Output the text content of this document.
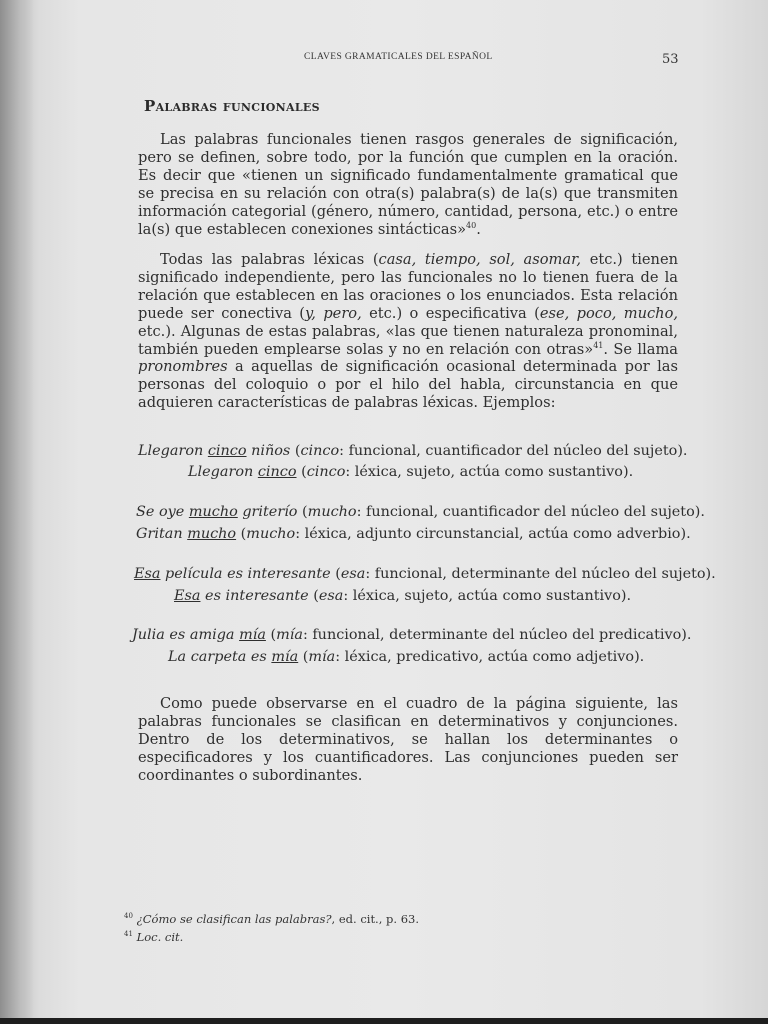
CLAVES GRAMATICALES DEL ESPAÑOL	53
Palabras funcionales

Las palabras funcionales tienen rasgos generales de significación, pero se definen, sobre todo, por la función que cumplen en la oración. Es decir que «tienen un significado fundamentalmente gramatical que se precisa en su relación con otra(s) palabra(s) de la(s) que transmiten información categorial (género, número, cantidad, persona, etc.) o entre la(s) que establecen conexiones sintácticas»$^{40}$.

Todas las palabras léxicas (casa, tiempo, sol, asomar, etc.) tienen significado independiente, pero las funcionales no lo tienen fuera de la relación que establecen en las oraciones o los enunciados. Esta relación puede ser conectiva (y, pero, etc.) o especificativa (ese, poco, mucho, etc.). Algunas de estas palabras, «las que tienen naturaleza pronominal, también pueden emplearse solas y no en relación con otras»$^{41}$. Se llama pronombres a aquellas de significación ocasional determinada por las personas del coloquio o por el hilo del habla, circunstancia en que adquieren características de palabras léxicas. Ejemplos:

Llegaron cinco niños (cinco: funcional, cuantificador del núcleo del sujeto).
Llegaron cinco (cinco: léxica, sujeto, actúa como sustantivo).
Se oye mucho griterío (mucho: funcional, cuantificador del núcleo del sujeto).
Gritan mucho (mucho: léxica, adjunto circunstancial, actúa como adverbio).
Esa película es interesante (esa: funcional, determinante del núcleo del sujeto).
Esa es interesante (esa: léxica, sujeto, actúa como sustantivo).
Julia es amiga mía (mía: funcional, determinante del núcleo del predicativo).
La carpeta es mía (mía: léxica, predicativo, actúa como adjetivo).

Como puede observarse en el cuadro de la página siguiente, las palabras funcionales se clasifican en determinativos y conjunciones. Dentro de los determinativos, se hallan los determinantes o especificadores y los cuantificadores. Las conjunciones pueden ser coordinantes o subordinantes.

$^{40}$ ¿Cómo se clasifican las palabras?, ed. cit., p. 63.

$^{41}$ Loc. cit.
